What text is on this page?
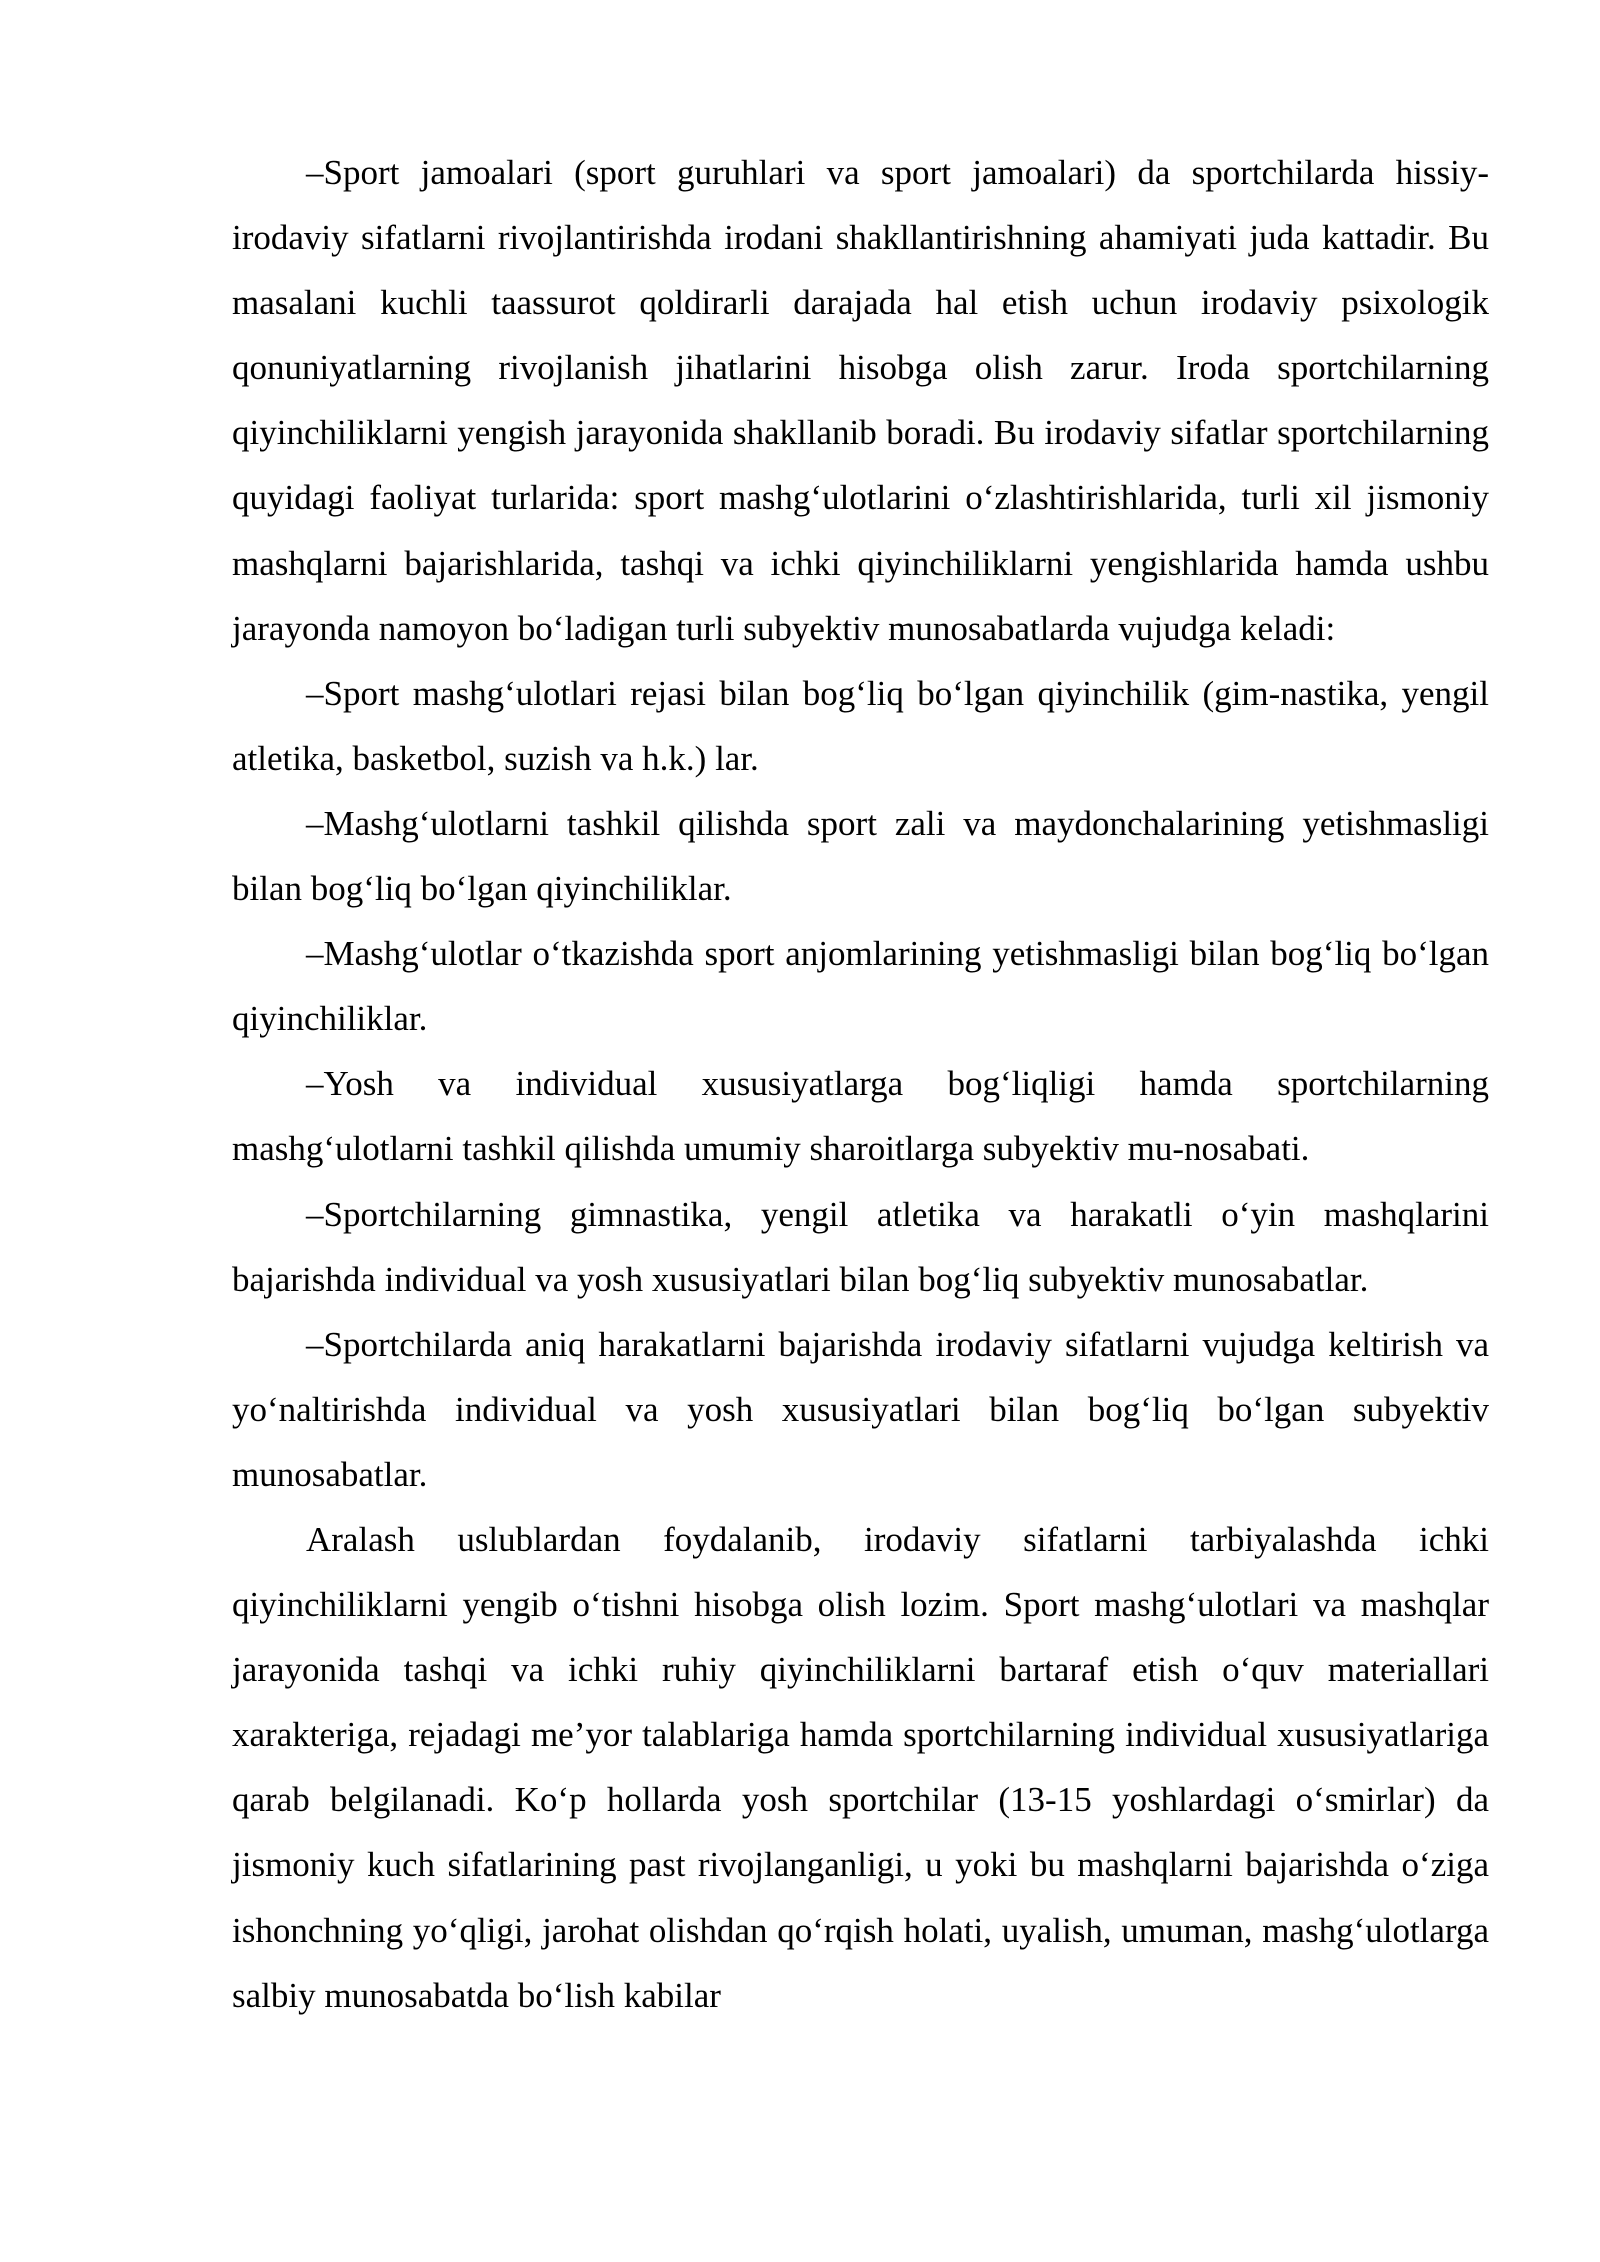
–Sport jamoalari (sport guruhlari va sport jamoalari) da sportchilarda hissiy-irodaviy sifatlarni rivojlantirishda irodani shakllantirishning ahamiyati juda kattadir. Bu masalani kuchli taassurot qoldirarli darajada hal etish uchun irodaviy psixologik qonuniyatlarning rivojlanish jihatlarini hisobga olish zarur. Iroda sportchilarning qiyinchiliklarni yengish jarayonida shakllanib boradi. Bu irodaviy sifatlar sportchilarning quyidagi faoliyat turlarida: sport mashg‘ulotlarini o‘zlashtirishlarida, turli xil jismoniy mashqlarni bajarishlarida, tashqi va ichki qiyinchiliklarni yengishlarida hamda ushbu jarayonda namoyon bo‘ladigan turli subyektiv munosabatlarda vujudga keladi:

–Sport mashg‘ulotlari rejasi bilan bog‘liq bo‘lgan qiyinchilik (gim-nastika, yengil atletika, basketbol, suzish va h.k.) lar.

–Mashg‘ulotlarni tashkil qilishda sport zali va maydonchalarining yetishmasligi bilan bog‘liq bo‘lgan qiyinchiliklar.

–Mashg‘ulotlar o‘tkazishda sport anjomlarining yetishmasligi bilan bog‘liq bo‘lgan qiyinchiliklar.

–Yosh va individual xususiyatlarga bog‘liqligi hamda sportchilarning mashg‘ulotlarni tashkil qilishda umumiy sharoitlarga subyektiv mu-nosabati.

–Sportchilarning gimnastika, yengil atletika va harakatli o‘yin mashqlarini bajarishda individual va yosh xususiyatlari bilan bog‘liq subyektiv munosabatlar.

–Sportchilarda aniq harakatlarni bajarishda irodaviy sifatlarni vujudga keltirish va yo‘naltirishda individual va yosh xususiyatlari bilan bog‘liq bo‘lgan subyektiv munosabatlar.

Aralash uslublardan foydalanib, irodaviy sifatlarni tarbiyalashda ichki qiyinchiliklarni yengib o‘tishni hisobga olish lozim. Sport mashg‘ulotlari va mashqlar jarayonida tashqi va ichki ruhiy qiyinchiliklarni bartaraf etish o‘quv materiallari xarakteriga, rejadagi me’yor talablariga hamda sportchilarning individual xususiyatlariga qarab belgilanadi. Ko‘p hollarda yosh sportchilar (13-15 yoshlardagi o‘smirlar) da jismoniy kuch sifatlarining past rivojlanganligi, u yoki bu mashqlarni bajarishda o‘ziga ishonchning yo‘qligi, jarohat olishdan qo‘rqish holati, uyalish, umuman, mashg‘ulotlarga salbiy munosabatda bo‘lish kabilar
